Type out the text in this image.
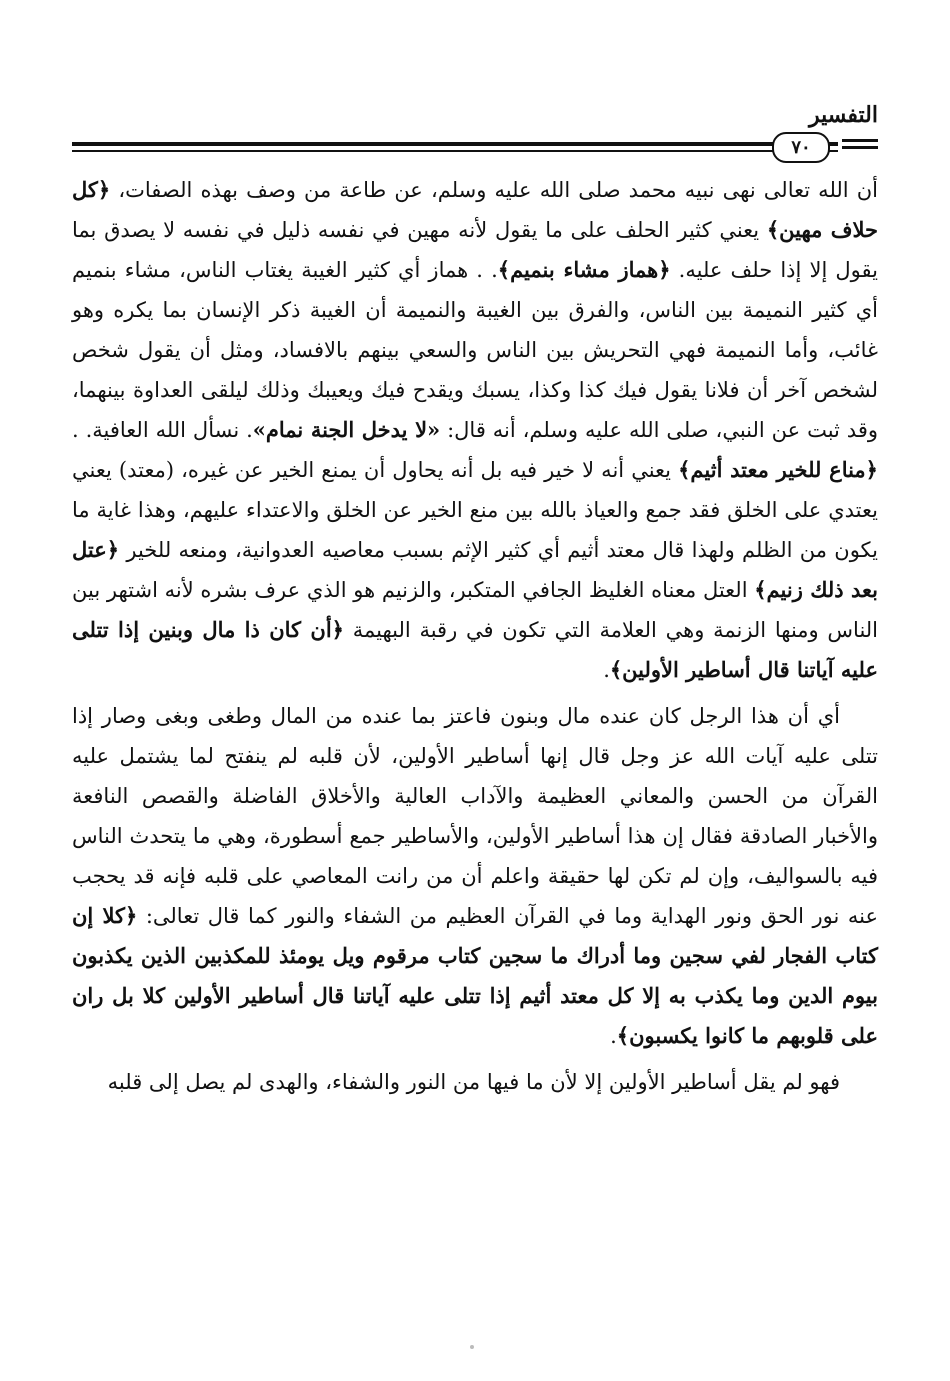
التفسير
٧٠

أن الله تعالى نهى نبيه محمد صلى الله عليه وسلم، عن طاعة من وصف بهذه الصفات، ﴿كل حلاف مهين﴾ يعني كثير الحلف على ما يقول لأنه مهين في نفسه ذليل في نفسه لا يصدق بما يقول إلا إذا حلف عليه. ﴿هماز مشاء بنميم﴾. . هماز أي كثير الغيبة يغتاب الناس، مشاء بنميم أي كثير النميمة بين الناس، والفرق بين الغيبة والنميمة أن الغيبة ذكر الإنسان بما يكره وهو غائب، وأما النميمة فهي التحريش بين الناس والسعي بينهم بالافساد، ومثل أن يقول شخص لشخص آخر أن فلانا يقول فيك كذا وكذا، يسبك ويقدح فيك ويعيبك وذلك ليلقى العداوة بينهما، وقد ثبت عن النبي، صلى الله عليه وسلم، أنه قال: «لا يدخل الجنة نمام». نسأل الله العافية. . ﴿مناع للخير معتد أثيم﴾ يعني أنه لا خير فيه بل أنه يحاول أن يمنع الخير عن غيره، (معتد) يعني يعتدي على الخلق فقد جمع والعياذ بالله بين منع الخير عن الخلق والاعتداء عليهم، وهذا غاية ما يكون من الظلم ولهذا قال معتد أثيم أي كثير الإثم بسبب معاصيه العدوانية، ومنعه للخير ﴿عتل بعد ذلك زنيم﴾ العتل معناه الغليظ الجافي المتكبر، والزنيم هو الذي عرف بشره لأنه اشتهر بين الناس ومنها الزنمة وهي العلامة التي تكون في رقبة البهيمة ﴿أن كان ذا مال وبنين إذا تتلى عليه آياتنا قال أساطير الأولين﴾.

أي أن هذا الرجل كان عنده مال وبنون فاعتز بما عنده من المال وطغى وبغى وصار إذا تتلى عليه آيات الله عز وجل قال إنها أساطير الأولين، لأن قلبه لم ينفتح لما يشتمل عليه القرآن من الحسن والمعاني العظيمة والآداب العالية والأخلاق الفاضلة والقصص النافعة والأخبار الصادقة فقال إن هذا أساطير الأولين، والأساطير جمع أسطورة، وهي ما يتحدث الناس فيه بالسواليف، وإن لم تكن لها حقيقة واعلم أن من رانت المعاصي على قلبه فإنه قد يحجب عنه نور الحق ونور الهداية وما في القرآن العظيم من الشفاء والنور كما قال تعالى: ﴿كلا إن كتاب الفجار لفي سجين وما أدراك ما سجين كتاب مرقوم ويل يومئذ للمكذبين الذين يكذبون بيوم الدين وما يكذب به إلا كل معتد أثيم إذا تتلى عليه آياتنا قال أساطير الأولين كلا بل ران على قلوبهم ما كانوا يكسبون﴾.

فهو لم يقل أساطير الأولين إلا لأن ما فيها من النور والشفاء، والهدى لم يصل إلى قلبه
